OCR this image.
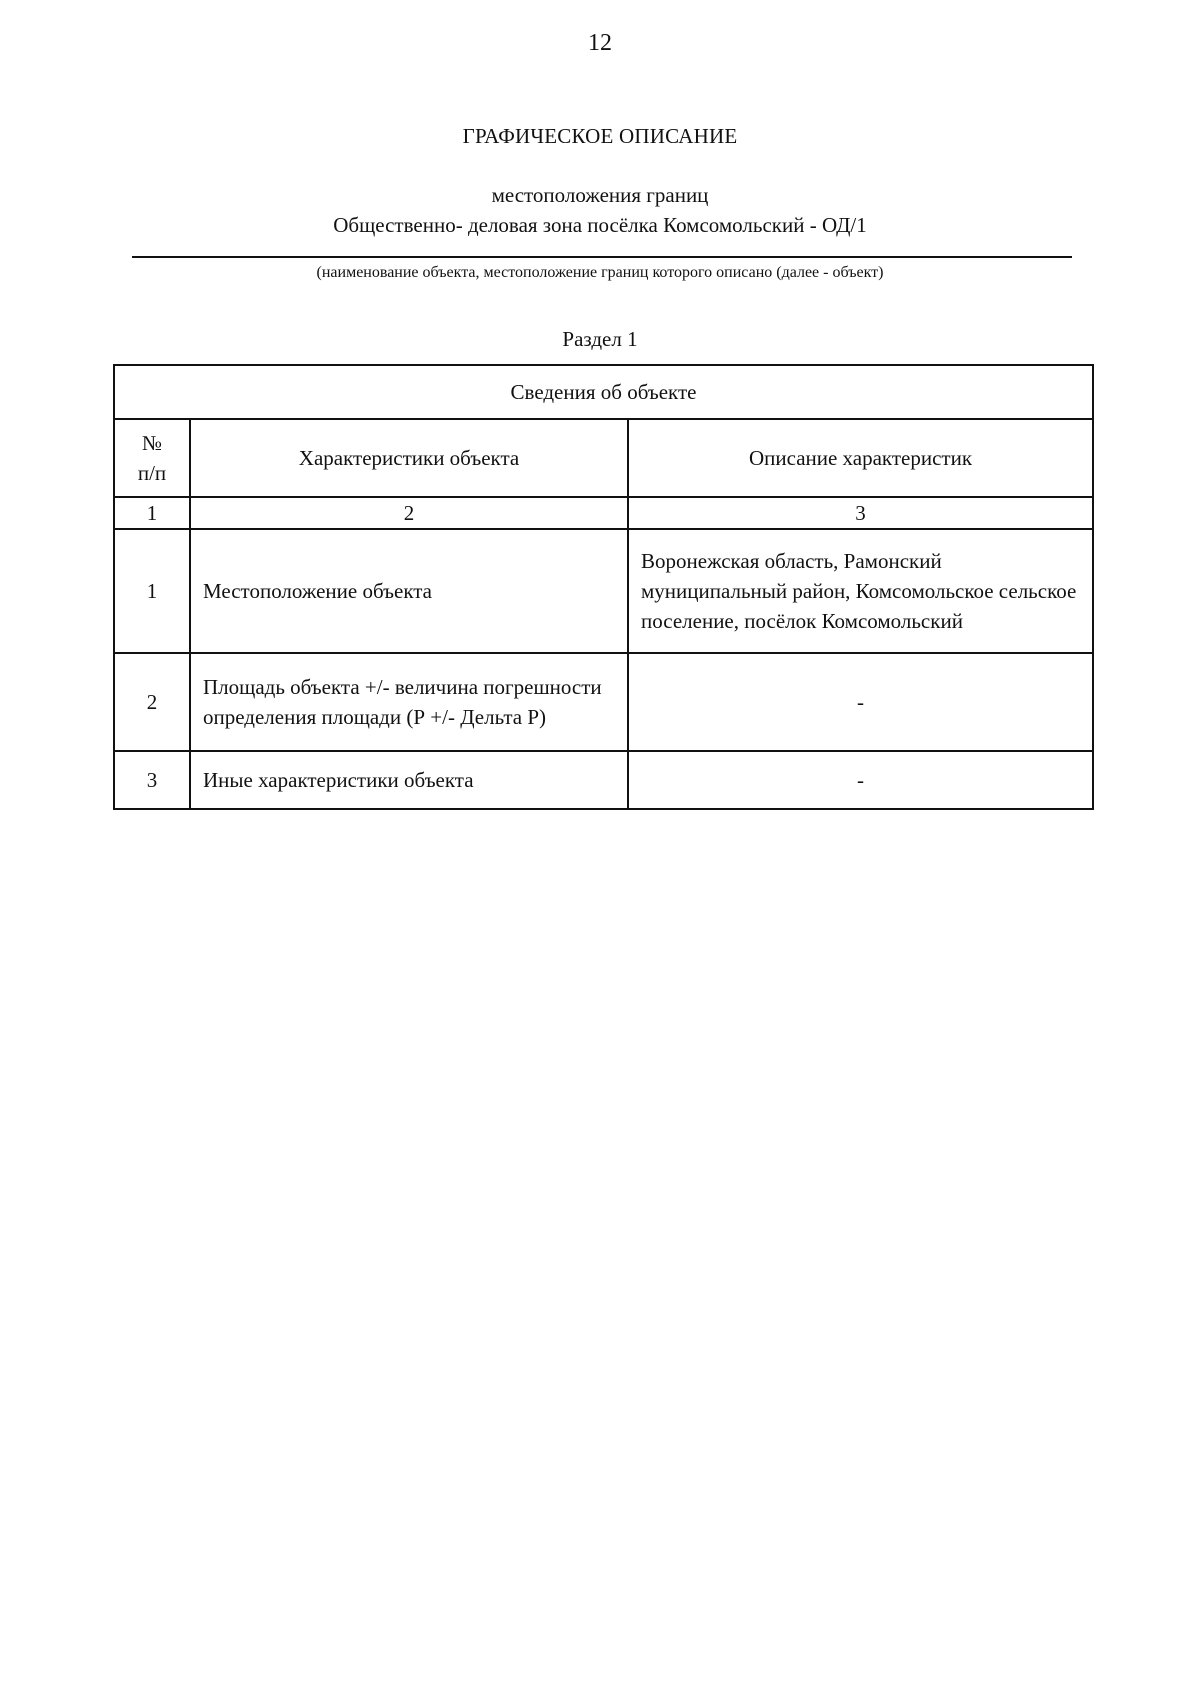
12
ГРАФИЧЕСКОЕ ОПИСАНИЕ
местоположения границ
Общественно- деловая зона посёлка Комсомольский - ОД/1
(наименование объекта, местоположение границ которого описано (далее - объект)
Раздел 1
Сведения об объекте		

№
п/п	Характеристики объекта	Описание характеристик
1	2	3
1	Местоположение объекта	Воронежская область, Рамонский муниципальный район, Комсомольское сельское поселение, посёлок Комсомольский
2	Площадь объекта +/- величина погрешности определения площади (Р +/- Дельта Р)	-
3	Иные характеристики объекта	-
